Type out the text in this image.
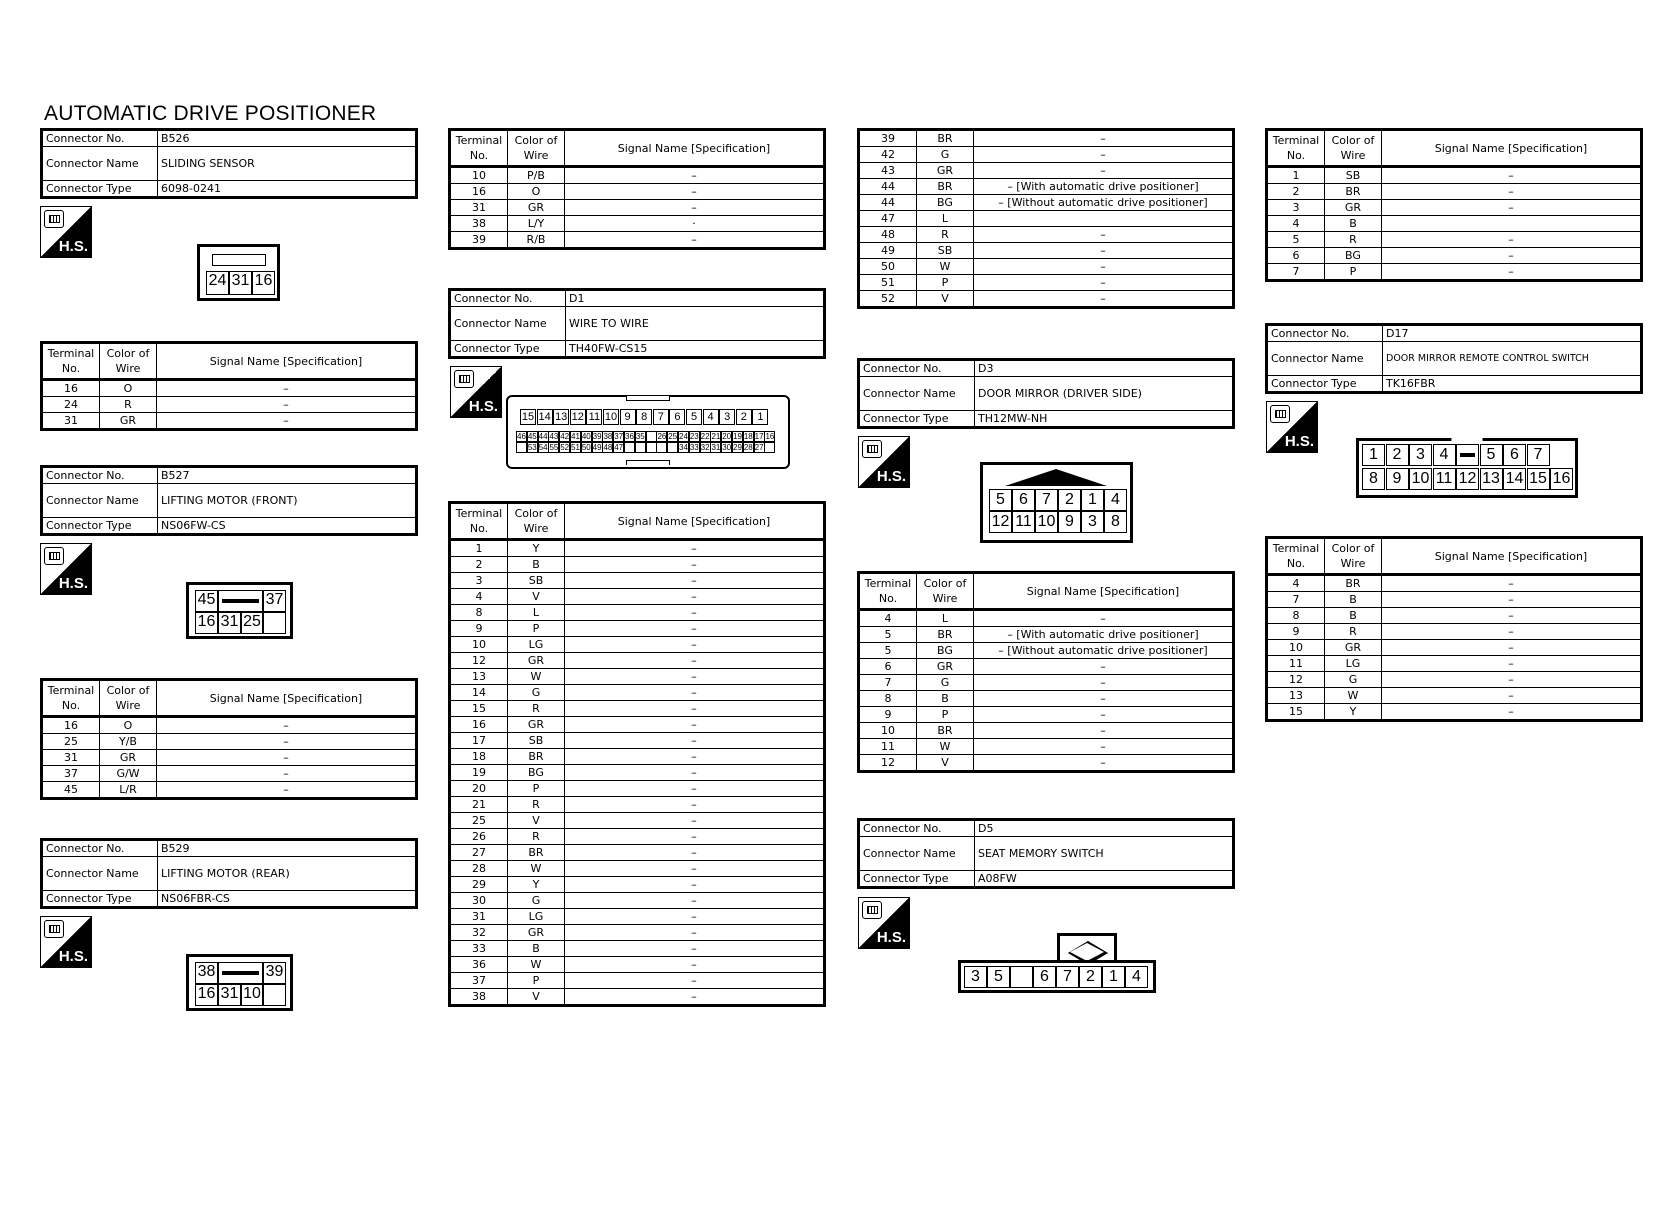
AUTOMATIC DRIVE POSITIONER
Connector No.	B526
Connector Name	SLIDING SENSOR
Connector Type	6098-0241
H.S.
24 31 16
Terminal No.	Color of Wire	Signal Name [Specification]
16	O	–
24	R	–
31	GR	–
Connector No.	B527
Connector Name	LIFTING MOTOR (FRONT)
Connector Type	NS06FW-CS
H.S.
45	37
16 31 25
Terminal No.	Color of Wire	Signal Name [Specification]
16	O	–
25	Y/B	–
31	GR	–
37	G/W	–
45	L/R	–
Connector No.	B529
Connector Name	LIFTING MOTOR (REAR)
Connector Type	NS06FBR-CS
H.S.
38	39
16 31 10
Terminal No.	Color of Wire	Signal Name [Specification]
10	P/B	–
16	O	–
31	GR	–
38	L/Y	·
39	R/B	–
Connector No.	D1
Connector Name	WIRE TO WIRE
Connector Type	TH40FW-CS15
H.S.
15 14 13 12 11 10 9 8 7 6 5 4 3 2 1
46 45 44 43 42 41 40 39 38 37 36 35 26 25 24 23 22 21 20 19 18 17 16
53 54 55 52 51 50 49 48 47	34 33 32 31 30 29 28 27
Terminal No.	Color of Wire	Signal Name [Specification]
1	Y	–
2	B	–
3	SB	–
4	V	–
8	L	–
9	P	–
10	LG	–
12	GR	–
13	W	–
14	G	–
15	R	–
16	GR	–
17	SB	–
18	BR	–
19	BG	–
20	P	–
21	R	–
25	V	–
26	R	–
27	BR	–
28	W	–
29	Y	–
30	G	–
31	LG	–
32	GR	–
33	B	–
36	W	–
37	P	–
38	V	–
39	BR	–
42	G	–
43	GR	–
44	BR	– [With automatic drive positioner]
44	BG	– [Without automatic drive positioner]
47	L	
48	R	–
49	SB	–
50	W	–
51	P	–
52	V	–
Connector No.	D3
Connector Name	DOOR MIRROR (DRIVER SIDE)
Connector Type	TH12MW-NH
H.S.
5 6 7 2 1 4
12 11 10 9 3 8
Terminal No.	Color of Wire	Signal Name [Specification]
4	L	–
5	BR	– [With automatic drive positioner]
5	BG	– [Without automatic drive positioner]
6	GR	–
7	G	–
8	B	–
9	P	–
10	BR	–
11	W	–
12	V	–
Connector No.	D5
Connector Name	SEAT MEMORY SWITCH
Connector Type	A08FW
H.S.
3 5	6 7 2 1 4
Terminal No.	Color of Wire	Signal Name [Specification]
1	SB	–
2	BR	–
3	GR	–
4	B	
5	R	–
6	BG	–
7	P	–
Connector No.	D17
Connector Name	DOOR MIRROR REMOTE CONTROL SWITCH
Connector Type	TK16FBR
H.S.
1 2 3 4	5 6 7
8 9 10 11 12 13 14 15 16
Terminal No.	Color of Wire	Signal Name [Specification]
4	BR	–
7	B	–
8	B	–
9	R	–
10	GR	–
11	LG	–
12	G	–
13	W	–
15	Y	–
